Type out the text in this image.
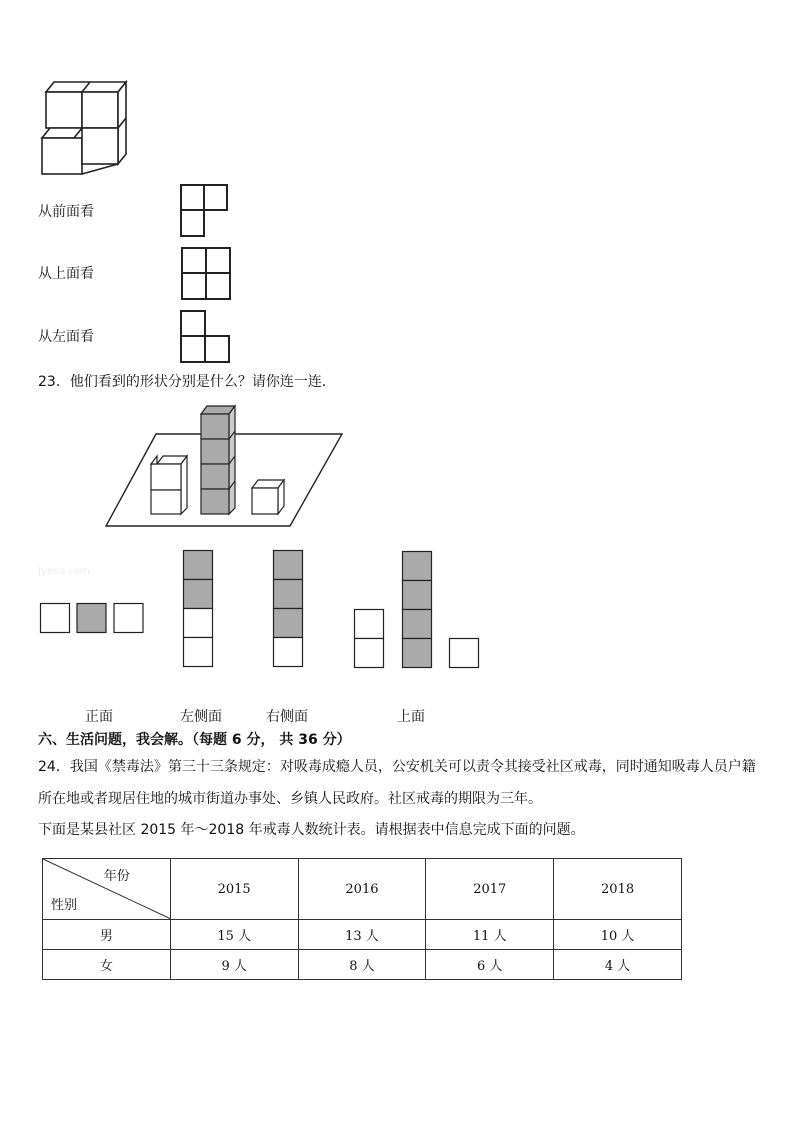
从前面看
从上面看
从左面看
23．他们看到的形状分别是什么？请你连一连．
Jyeoo.com
正面	左侧面	右侧面	上面
六、生活问题，我会解。（每题 6 分， 共 36 分）
24．我国《禁毒法》第三十三条规定：对吸毒成瘾人员，公安机关可以责令其接受社区戒毒，同时通知吸毒人员户籍
所在地或者现居住地的城市街道办事处、乡镇人民政府。社区戒毒的期限为三年。
下面是某县社区 2015 年～2018 年戒毒人数统计表。请根据表中信息完成下面的问题。
年份
性别	2015	2016	2017	2018
男	15 人	13 人	11 人	10 人
女	9 人	8 人	6 人	4 人
